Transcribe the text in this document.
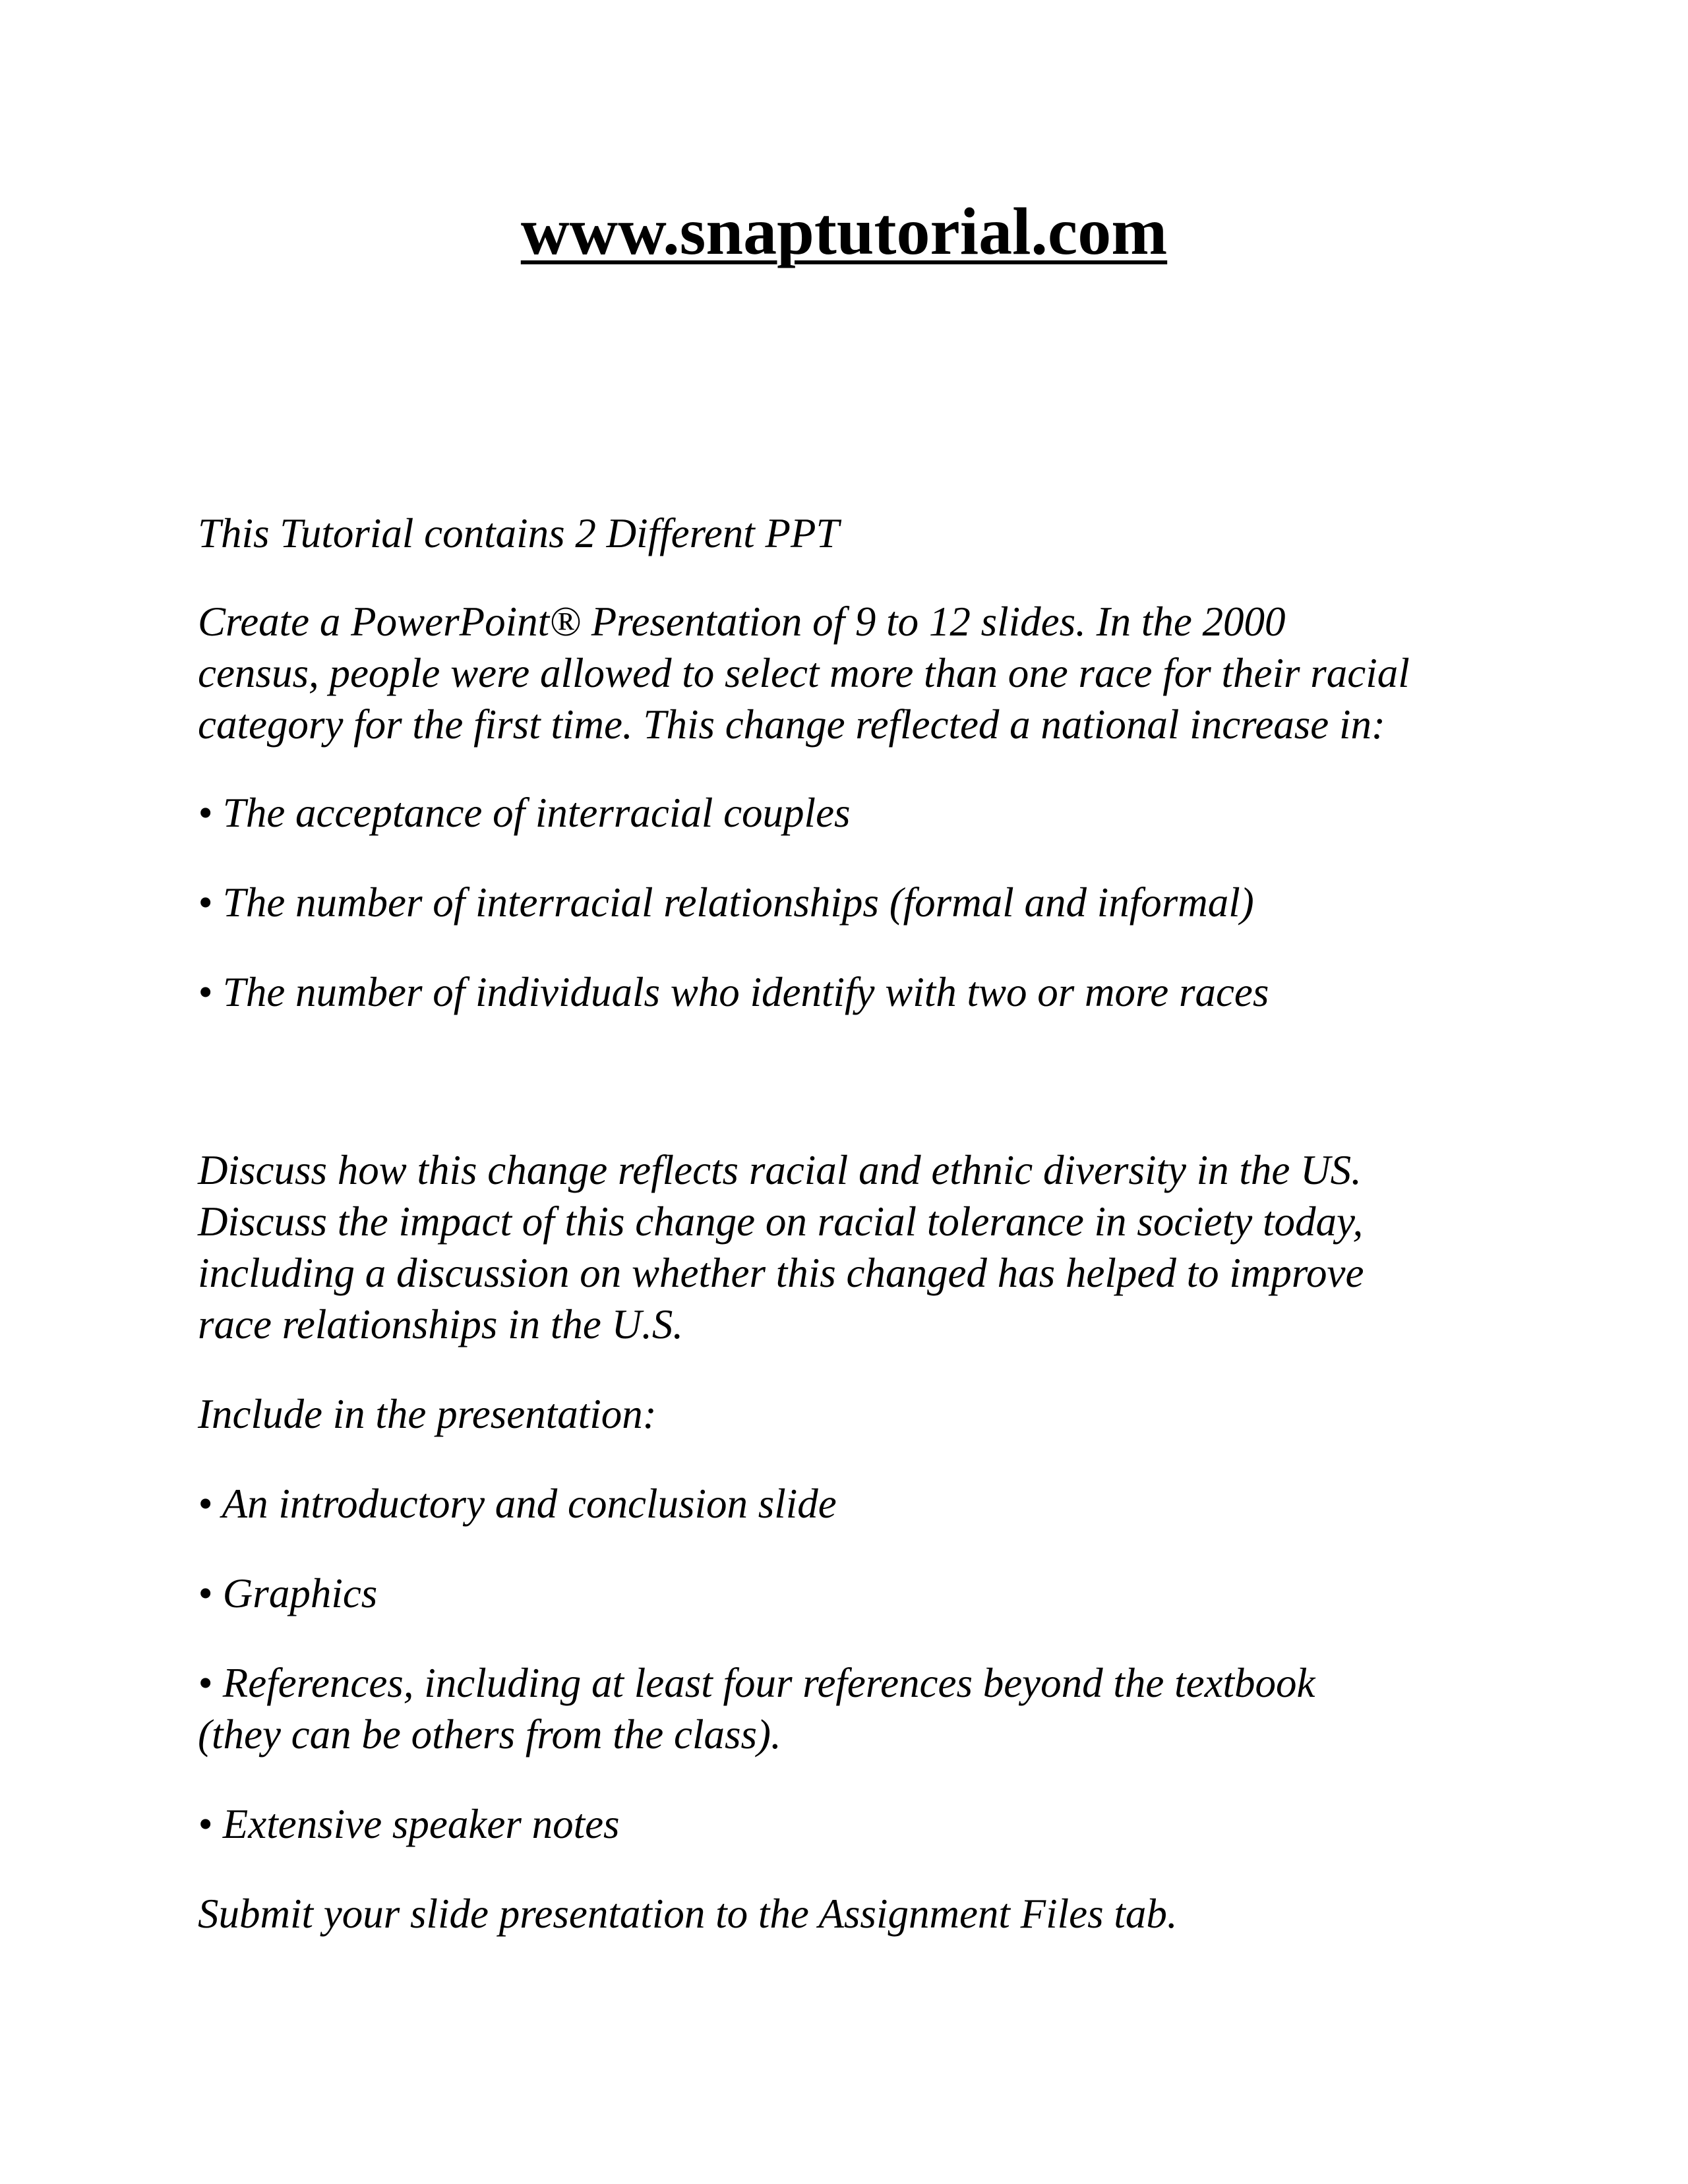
www.snaptutorial.com

This Tutorial contains 2 Different PPT

Create a PowerPoint® Presentation of 9 to 12 slides. In the 2000

census, people were allowed to select more than one race for their racial

category for the first time. This change reflected a national increase in:

• The acceptance of interracial couples

• The number of interracial relationships (formal and informal)

• The number of individuals who identify with two or more races

Discuss how this change reflects racial and ethnic diversity in the US.

Discuss the impact of this change on racial tolerance in society today,

including a discussion on whether this changed has helped to improve

race relationships in the U.S.

Include in the presentation:

• An introductory and conclusion slide

• Graphics

• References, including at least four references beyond the textbook

(they can be others from the class).

• Extensive speaker notes

Submit your slide presentation to the Assignment Files tab.
